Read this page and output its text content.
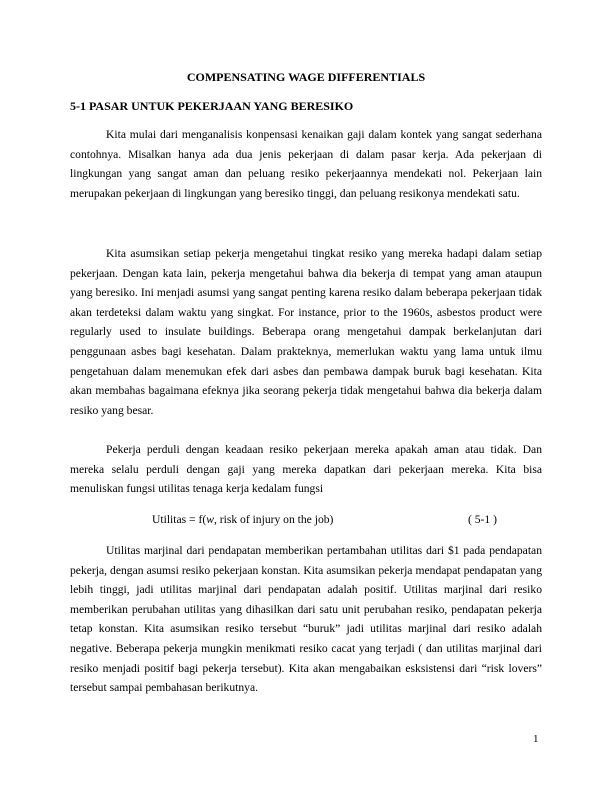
COMPENSATING WAGE DIFFERENTIALS
5-1 PASAR UNTUK PEKERJAAN YANG BERESIKO

Kita mulai dari menganalisis konpensasi kenaikan gaji dalam kontek yang sangat sederhana contohnya. Misalkan hanya ada dua jenis pekerjaan di dalam pasar kerja. Ada pekerjaan di lingkungan yang sangat aman dan peluang resiko pekerjaannya mendekati nol. Pekerjaan lain merupakan pekerjaan di lingkungan yang beresiko tinggi, dan peluang resikonya mendekati satu.

Kita asumsikan setiap pekerja mengetahui tingkat resiko yang mereka hadapi dalam setiap pekerjaan. Dengan kata lain, pekerja mengetahui bahwa dia bekerja di tempat yang aman ataupun yang beresiko. Ini menjadi asumsi yang sangat penting karena resiko dalam beberapa pekerjaan tidak akan terdeteksi dalam waktu yang singkat. For instance, prior to the 1960s, asbestos product were regularly used to insulate buildings. Beberapa orang mengetahui dampak berkelanjutan dari penggunaan asbes bagi kesehatan. Dalam prakteknya, memerlukan waktu yang lama untuk ilmu pengetahuan dalam menemukan efek dari asbes dan pembawa dampak buruk bagi kesehatan. Kita akan membahas bagaimana efeknya jika seorang pekerja tidak mengetahui bahwa dia bekerja dalam resiko yang besar.

Pekerja perduli dengan keadaan resiko pekerjaan mereka apakah aman atau tidak. Dan mereka selalu perduli dengan gaji yang mereka dapatkan dari pekerjaan mereka. Kita bisa menuliskan fungsi utilitas tenaga kerja kedalam fungsi

Utilitas = f(w, risk of injury on the job)	( 5-1 )

Utilitas marjinal dari pendapatan memberikan pertambahan utilitas dari $1 pada pendapatan pekerja, dengan asumsi resiko pekerjaan konstan. Kita asumsikan pekerja mendapat pendapatan yang lebih tinggi, jadi utilitas marjinal dari pendapatan adalah positif. Utilitas marjinal dari resiko memberikan perubahan utilitas yang dihasilkan dari satu unit perubahan resiko, pendapatan pekerja tetap konstan. Kita asumsikan resiko tersebut “buruk” jadi utilitas marjinal dari resiko adalah negative. Beberapa pekerja mungkin menikmati resiko cacat yang terjadi ( dan utilitas marjinal dari resiko menjadi positif bagi pekerja tersebut). Kita akan mengabaikan esksistensi dari “risk lovers” tersebut sampai pembahasan berikutnya.

1
